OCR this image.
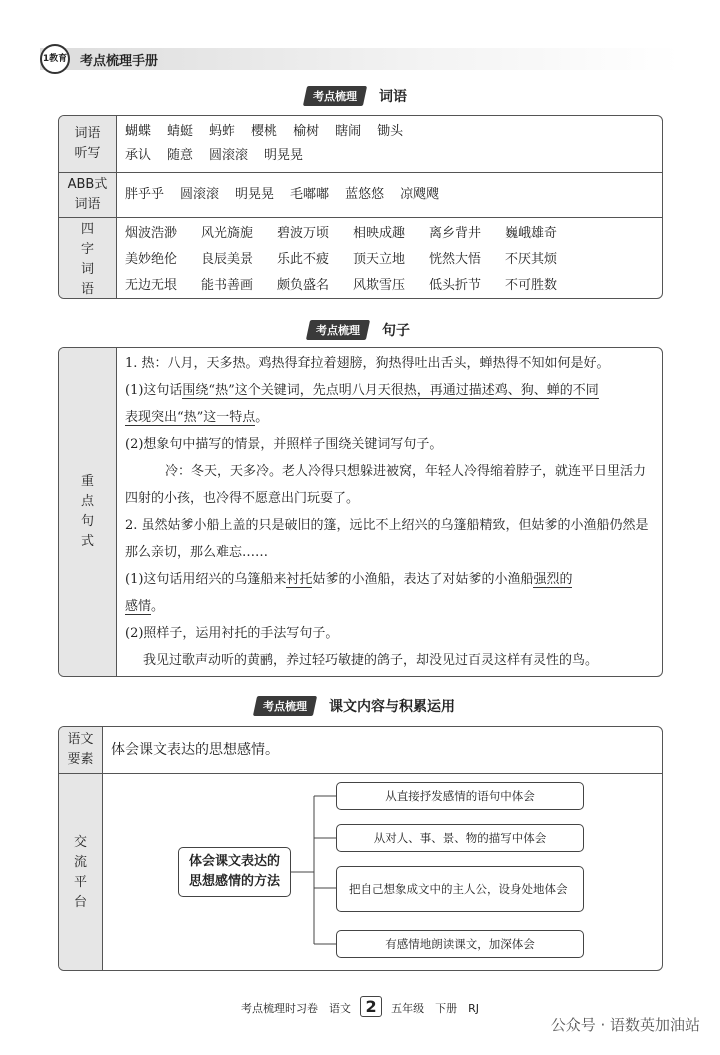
1教育 考点梳理手册
考点梳理	词语
词语听写
蝴蝶 蜻蜓 蚂蚱 樱桃 榆树 瞎闹 锄头
承认 随意 圆滚滚 明晃晃
ABB式词语
胖乎乎 圆滚滚 明晃晃 毛嘟嘟 蓝悠悠 凉飕飕
四字词语
烟波浩渺 风光旖旎 碧波万顷 相映成趣 离乡背井 巍峨雄奇
美妙绝伦 良辰美景 乐此不疲 顶天立地 恍然大悟 不厌其烦
无边无垠 能书善画 颇负盛名 风欺雪压 低头折节 不可胜数
考点梳理	句子
重点句式

1. 热：八月，天多热。鸡热得耷拉着翅膀，狗热得吐出舌头，蝉热得不知如何是好。

(1)这句话围绕“热”这个关键词，先点明八月天很热，再通过描述鸡、狗、蝉的不同
表现突出“热”这一特点。

(2)想象句中描写的情景，并照样子围绕关键词写句子。

冷：冬天，天多冷。老人冷得只想躲进被窝，年轻人冷得缩着脖子，就连平日里活力四射的小孩，也冷得不愿意出门玩耍了。

2. 虽然姑爹小船上盖的只是破旧的篷，远比不上绍兴的乌篷船精致，但姑爹的小渔船仍然是那么亲切，那么难忘……

(1)这句话用绍兴的乌篷船来衬托姑爹的小渔船，表达了对姑爹的小渔船强烈的
感情。

(2)照样子，运用衬托的手法写句子。

我见过歌声动听的黄鹂，养过轻巧敏捷的鸽子，却没见过百灵这样有灵性的鸟。

考点梳理	课文内容与积累运用
语文要素
体会课文表达的思想感情。
交流平台
体会课文表达的思想感情的方法
从直接抒发感情的语句中体会
从对人、事、景、物的描写中体会
把自己想象成文中的主人公，设身处地体会
有感情地朗读课文，加深体会
考点梳理时习卷　语文 2 五年级　下册　RJ
公众号 · 语数英加油站
